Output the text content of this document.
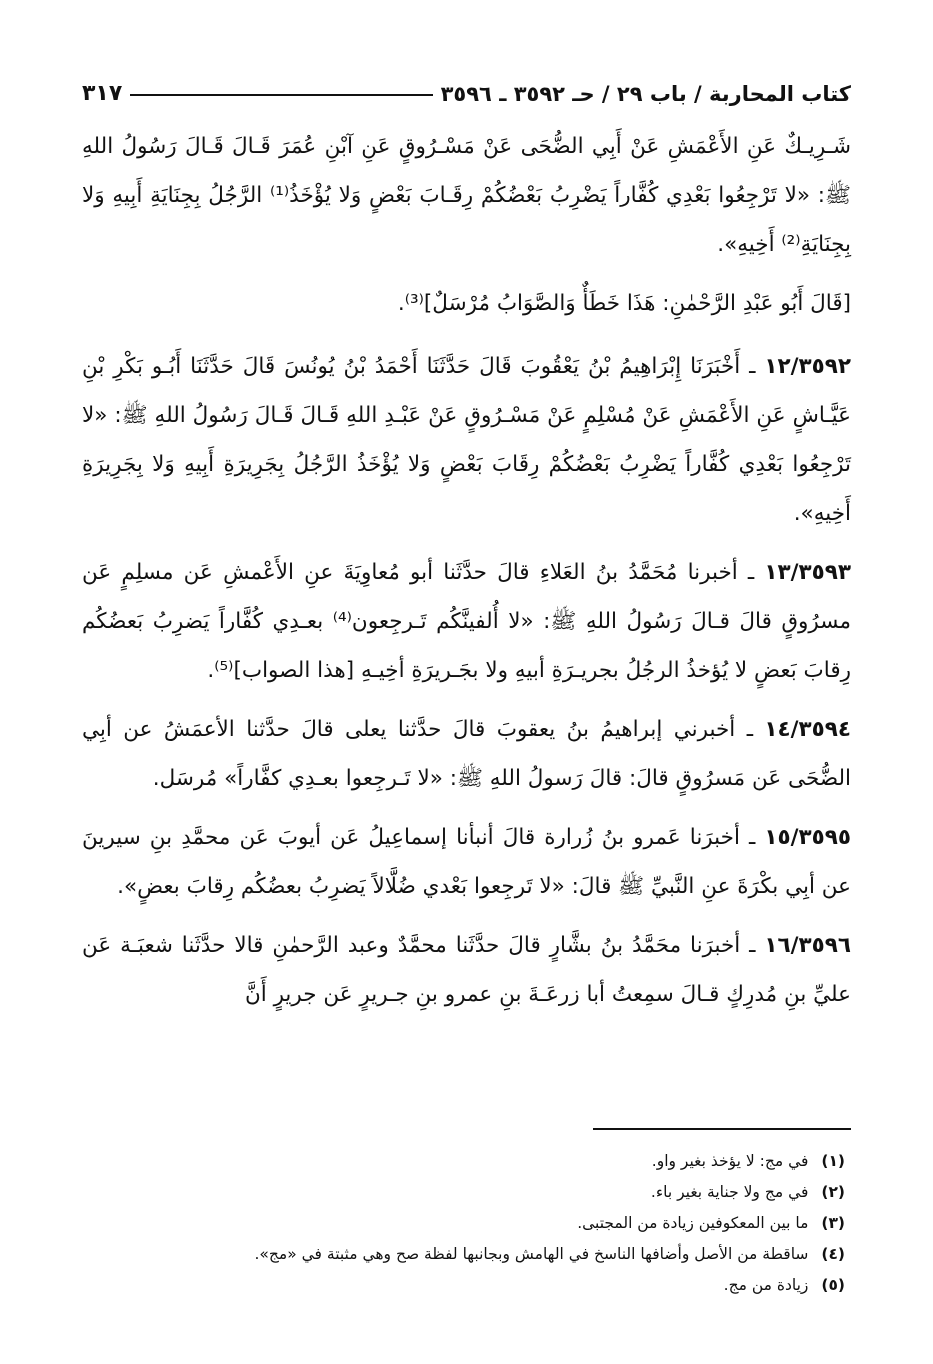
كتاب المحاربة / باب ٢٩ / حـ ٣٥٩٢ ـ ٣٥٩٦
٣١٧

شَـرِيـكٌ عَنِ الأَعْمَشِ عَنْ أَبِي الضُّحَى عَنْ مَسْـرُوقٍ عَنِ آبْنِ عُمَرَ قَـالَ قَـالَ رَسُولُ اللهِ ﷺ: «لا تَرْجِعُوا بَعْدِي كُفَّاراً يَضْرِبُ بَعْضُكُمْ رِقَـابَ بَعْضٍ وَلا يُؤْخَذُ⁽¹⁾ الرَّجُلُ بِجِنَايَةِ أَبِيهِ وَلا بِجِنَايَةِ⁽²⁾ أَخِيهِ».

[قَالَ أَبُو عَبْدِ الرَّحْمٰنِ: هَذَا خَطَأٌ وَالصَّوَابُ مُرْسَلٌ]⁽³⁾.

١٢/٣٥٩٢ ـ أَخْبَرَنَا إِبْرَاهِيمُ بْنُ يَعْقُوبَ قَالَ حَدَّثَنَا أَحْمَدُ بْنُ يُونُسَ قَالَ حَدَّثَنَا أَبُـو بَكْرِ بْنِ عَيَّـاشٍ عَنِ الأَعْمَشِ عَنْ مُسْلِمٍ عَنْ مَسْـرُوقٍ عَنْ عَبْـدِ اللهِ قَـالَ قَـالَ رَسُولُ اللهِ ﷺ: «لا تَرْجِعُوا بَعْدِي كُفَّاراً يَضْرِبُ بَعْضُكُمْ رِقَابَ بَعْضٍ وَلا يُؤْخَذُ الرَّجُلُ بِجَرِيرَةِ أَبِيهِ وَلا بِجَرِيرَةِ أَخِيهِ».

١٣/٣٥٩٣ ـ أخبرنا مُحَمَّدُ بنُ العَلاءِ قالَ حدَّثَنا أبو مُعاوِيَةَ عنِ الأَعْمشِ عَن مسلِمٍ عَن مسرُوقٍ قالَ قـالَ رَسُولُ اللهِ ﷺ: «لا أُلفينَّكُم تَـرجِعون⁽⁴⁾ بعـدِي كُفَّاراً يَضرِبُ بَعضُكُم رِقابَ بَعضٍ لا يُؤخذُ الرجُلُ بجريـرَةِ أبيهِ ولا بجَـريرَةِ أخِيـهِ [هذا الصواب]⁽⁵⁾.

١٤/٣٥٩٤ ـ أخبرني إبراهيمُ بنُ يعقوبَ قالَ حدَّثنا يعلى قالَ حدَّثنا الأعمَشُ عن أبِي الضُّحَى عَن مَسرُوقٍ قالَ: قالَ رَسولُ اللهِ ﷺ: «لا تَـرجِعوا بعـدِي كفَّاراً» مُرسَل.

١٥/٣٥٩٥ ـ أخبرَنا عَمرو بنُ زُرارة قالَ أنبأنا إسماعِيلُ عَن أيوبَ عَن محمَّدِ بنِ سيرينَ عن أبِي بكْرَةَ عنِ النَّبيِّ ﷺ قالَ: «لا تَرجِعوا بَعْدي ضُلَّالاً يَضرِبُ بعضُكُم رِقابَ بعضٍ».

١٦/٣٥٩٦ ـ أخبرَنا محَمَّدُ بنُ بشَّارٍ قالَ حدَّثَنا محمَّدٌ وعبد الرَّحمٰنِ قالا حدَّثَنا شعبَـة عَن عليِّ بنِ مُدرِكٍ قـالَ سمِعتُ أبا زرعَـةَ بنِ عمرو بنِ جـريرٍ عَن جريرٍ أَنَّ

(١) في مج: لا يؤخذ بغير واو.
(٢) في مج ولا جناية بغير باء.
(٣) ما بين المعكوفين زيادة من المجتبى.
(٤) ساقطة من الأصل وأضافها الناسخ في الهامش وبجانبها لفظة صح وهي مثبتة في «مج».
(٥) زيادة من مج.
